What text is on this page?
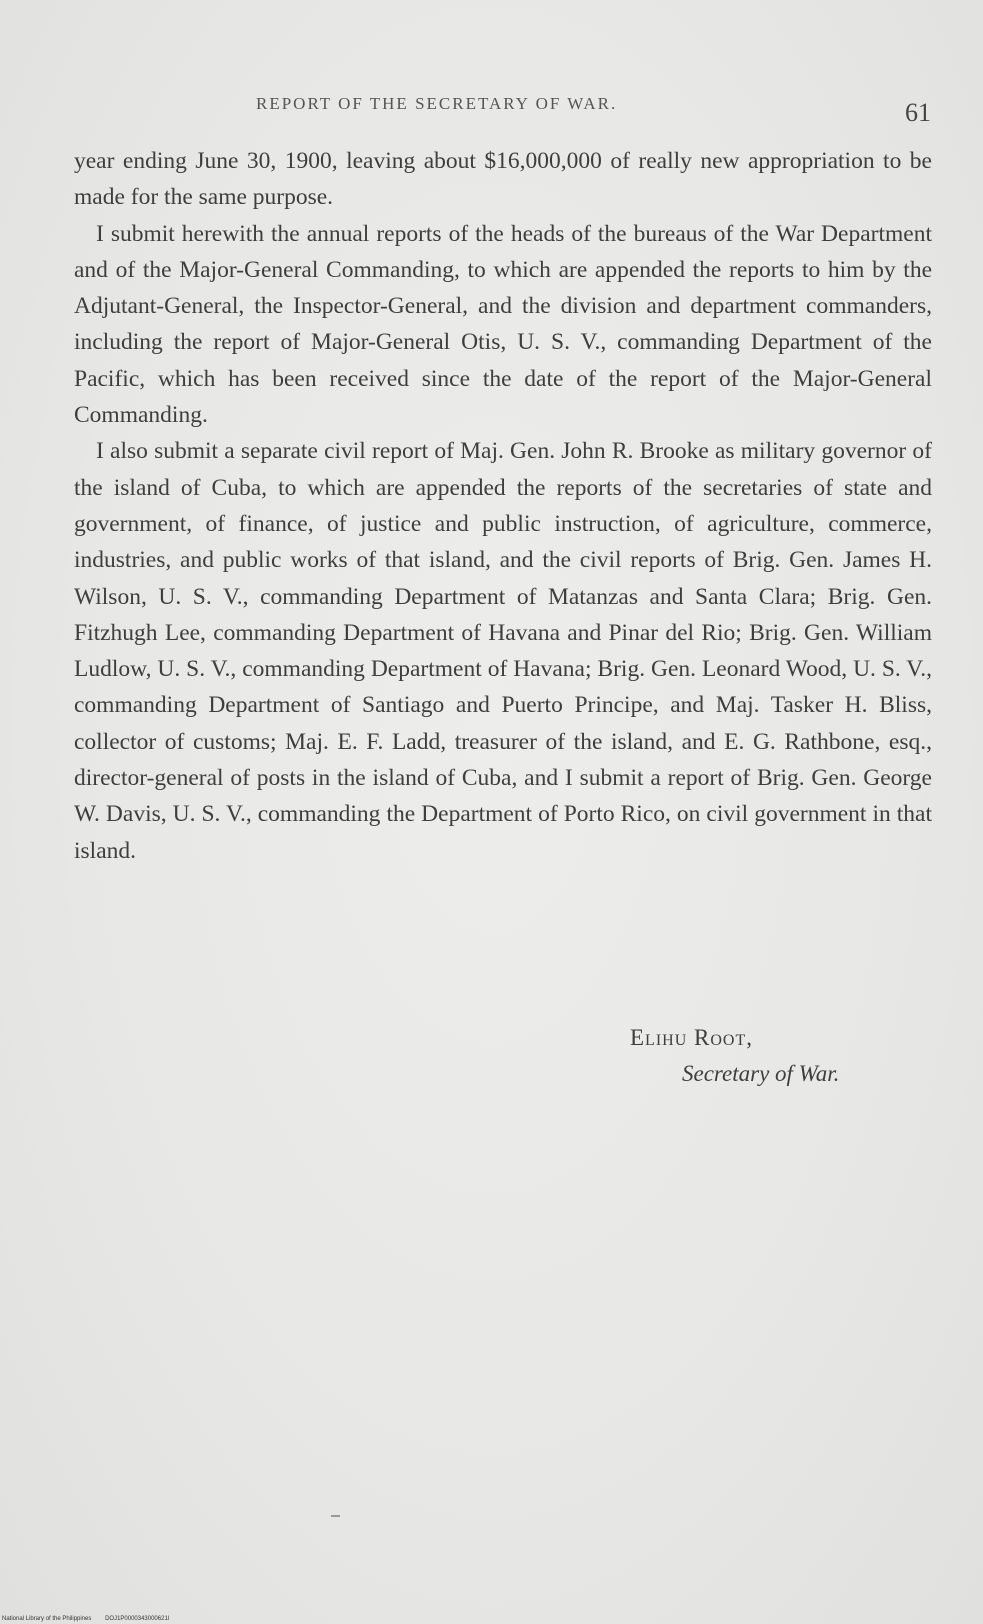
REPORT OF THE SECRETARY OF WAR.	61

year ending June 30, 1900, leaving about $16,000,000 of really new appropriation to be made for the same purpose.

I submit herewith the annual reports of the heads of the bureaus of the War Department and of the Major-General Commanding, to which are appended the reports to him by the Adjutant-General, the Inspector-General, and the division and department commanders, including the report of Major-General Otis, U. S. V., commanding Department of the Pacific, which has been received since the date of the report of the Major-General Commanding.

I also submit a separate civil report of Maj. Gen. John R. Brooke as military governor of the island of Cuba, to which are appended the reports of the secretaries of state and government, of finance, of justice and public instruction, of agriculture, commerce, industries, and public works of that island, and the civil reports of Brig. Gen. James H. Wilson, U. S. V., commanding Department of Matanzas and Santa Clara; Brig. Gen. Fitzhugh Lee, commanding Department of Havana and Pinar del Rio; Brig. Gen. William Ludlow, U. S. V., commanding Department of Havana; Brig. Gen. Leonard Wood, U. S. V., commanding Department of Santiago and Puerto Principe, and Maj. Tasker H. Bliss, collector of customs; Maj. E. F. Ladd, treasurer of the island, and E. G. Rathbone, esq., director-general of posts in the island of Cuba, and I submit a report of Brig. Gen. George W. Davis, U. S. V., commanding the Department of Porto Rico, on civil government in that island.

Elihu Root,
Secretary of War.
National Library of the Philippines DOJ1P0000343000621l
